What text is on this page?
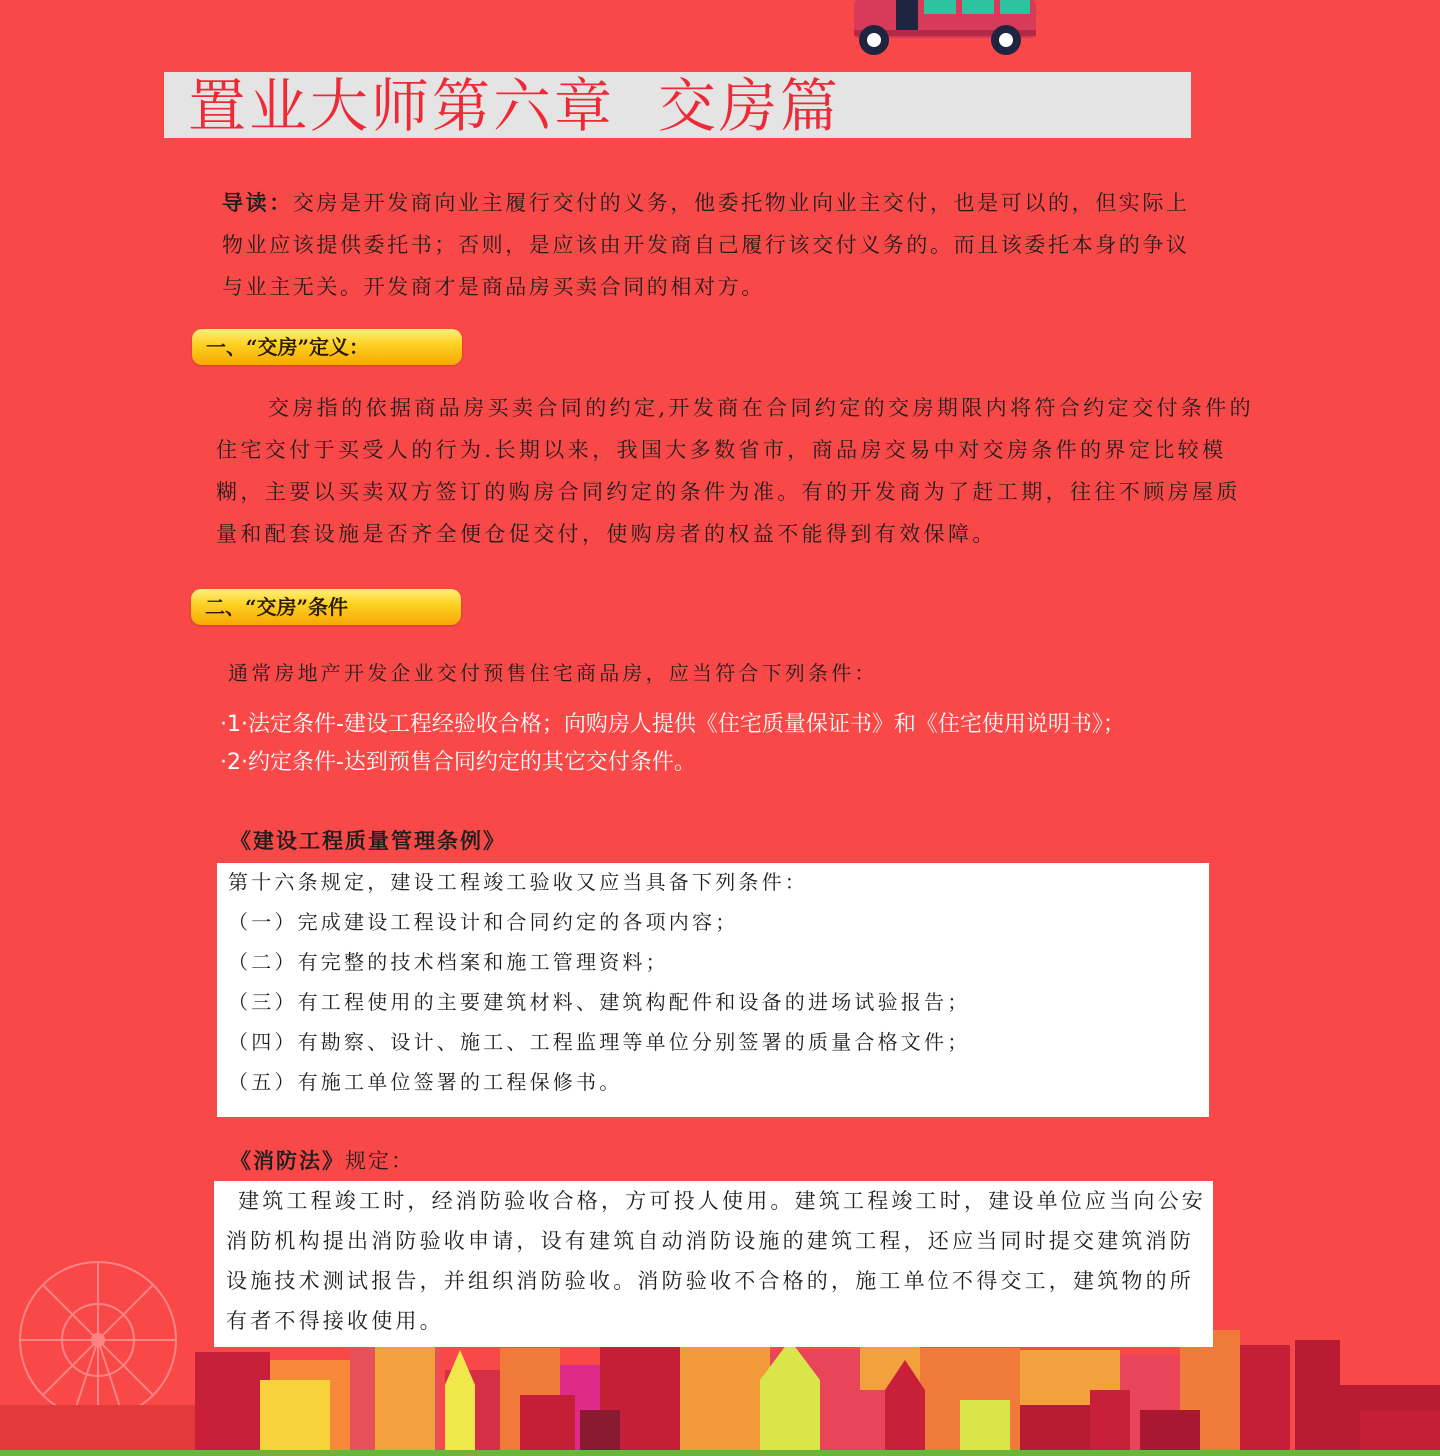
置业大师第六章  交房篇
导读：交房是开发商向业主履行交付的义务，他委托物业向业主交付，也是可以的，但实际上物业应该提供委托书；否则，是应该由开发商自己履行该交付义务的。而且该委托本身的争议与业主无关。开发商才是商品房买卖合同的相对方。
一、“交房”定义：
交房指的依据商品房买卖合同的约定,开发商在合同约定的交房期限内将符合约定交付条件的住宅交付于买受人的行为.长期以来，我国大多数省市，商品房交易中对交房条件的界定比较模糊，主要以买卖双方签订的购房合同约定的条件为准。有的开发商为了赶工期，往往不顾房屋质量和配套设施是否齐全便仓促交付，使购房者的权益不能得到有效保障。
二、“交房”条件
通常房地产开发企业交付预售住宅商品房，应当符合下列条件：
·1·法定条件-建设工程经验收合格；向购房人提供《住宅质量保证书》和《住宅使用说明书》；
·2·约定条件-达到预售合同约定的其它交付条件。
《建设工程质量管理条例》
第十六条规定，建设工程竣工验收又应当具备下列条件：
（一）完成建设工程设计和合同约定的各项内容；
（二）有完整的技术档案和施工管理资料；
（三）有工程使用的主要建筑材料、建筑构配件和设备的进场试验报告；
（四）有勘察、设计、施工、工程监理等单位分别签署的质量合格文件；
（五）有施工单位签署的工程保修书。
《消防法》规定：
建筑工程竣工时，经消防验收合格，方可投人使用。建筑工程竣工时，建设单位应当向公安消防机构提出消防验收申请，设有建筑自动消防设施的建筑工程，还应当同时提交建筑消防设施技术测试报告，并组织消防验收。消防验收不合格的，施工单位不得交工，建筑物的所有者不得接收使用。
